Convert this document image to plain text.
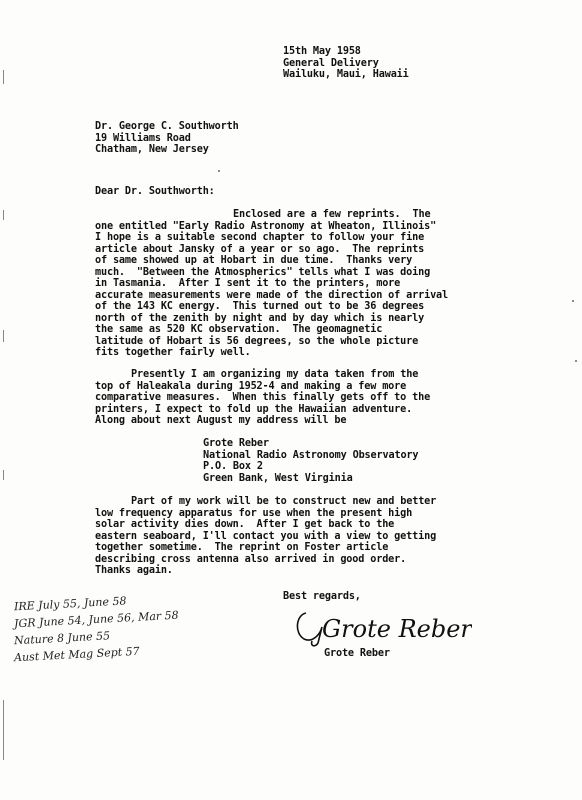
15th May 1958
General Delivery
Wailuku, Maui, Hawaii
Dr. George C. Southworth
19 Williams Road
Chatham, New Jersey
Dear Dr. Southworth:
Enclosed are a few reprints.  The
one entitled "Early Radio Astronomy at Wheaton, Illinois"
I hope is a suitable second chapter to follow your fine
article about Jansky of a year or so ago.  The reprints
of same showed up at Hobart in due time.  Thanks very
much.  "Between the Atmospherics" tells what I was doing
in Tasmania.  After I sent it to the printers, more
accurate measurements were made of the direction of arrival
of the 143 KC energy.  This turned out to be 36 degrees
north of the zenith by night and by day which is nearly
the same as 520 KC observation.  The geomagnetic
latitude of Hobart is 56 degrees, so the whole picture
fits together fairly well.
Presently I am organizing my data taken from the
top of Haleakala during 1952-4 and making a few more
comparative measures.  When this finally gets off to the
printers, I expect to fold up the Hawaiian adventure.
Along about next August my address will be
Grote Reber
National Radio Astronomy Observatory
P.O. Box 2
Green Bank, West Virginia
Part of my work will be to construct new and better
low frequency apparatus for use when the present high
solar activity dies down.  After I get back to the
eastern seaboard, I'll contact you with a view to getting
together sometime.  The reprint on Foster article
describing cross antenna also arrived in good order.
Thanks again.
Best regards,
Grote Reber
Grote Reber
IRE July 55, June 58
JGR June 54, June 56, Mar 58
Nature 8 June 55
Aust Met Mag Sept 57
